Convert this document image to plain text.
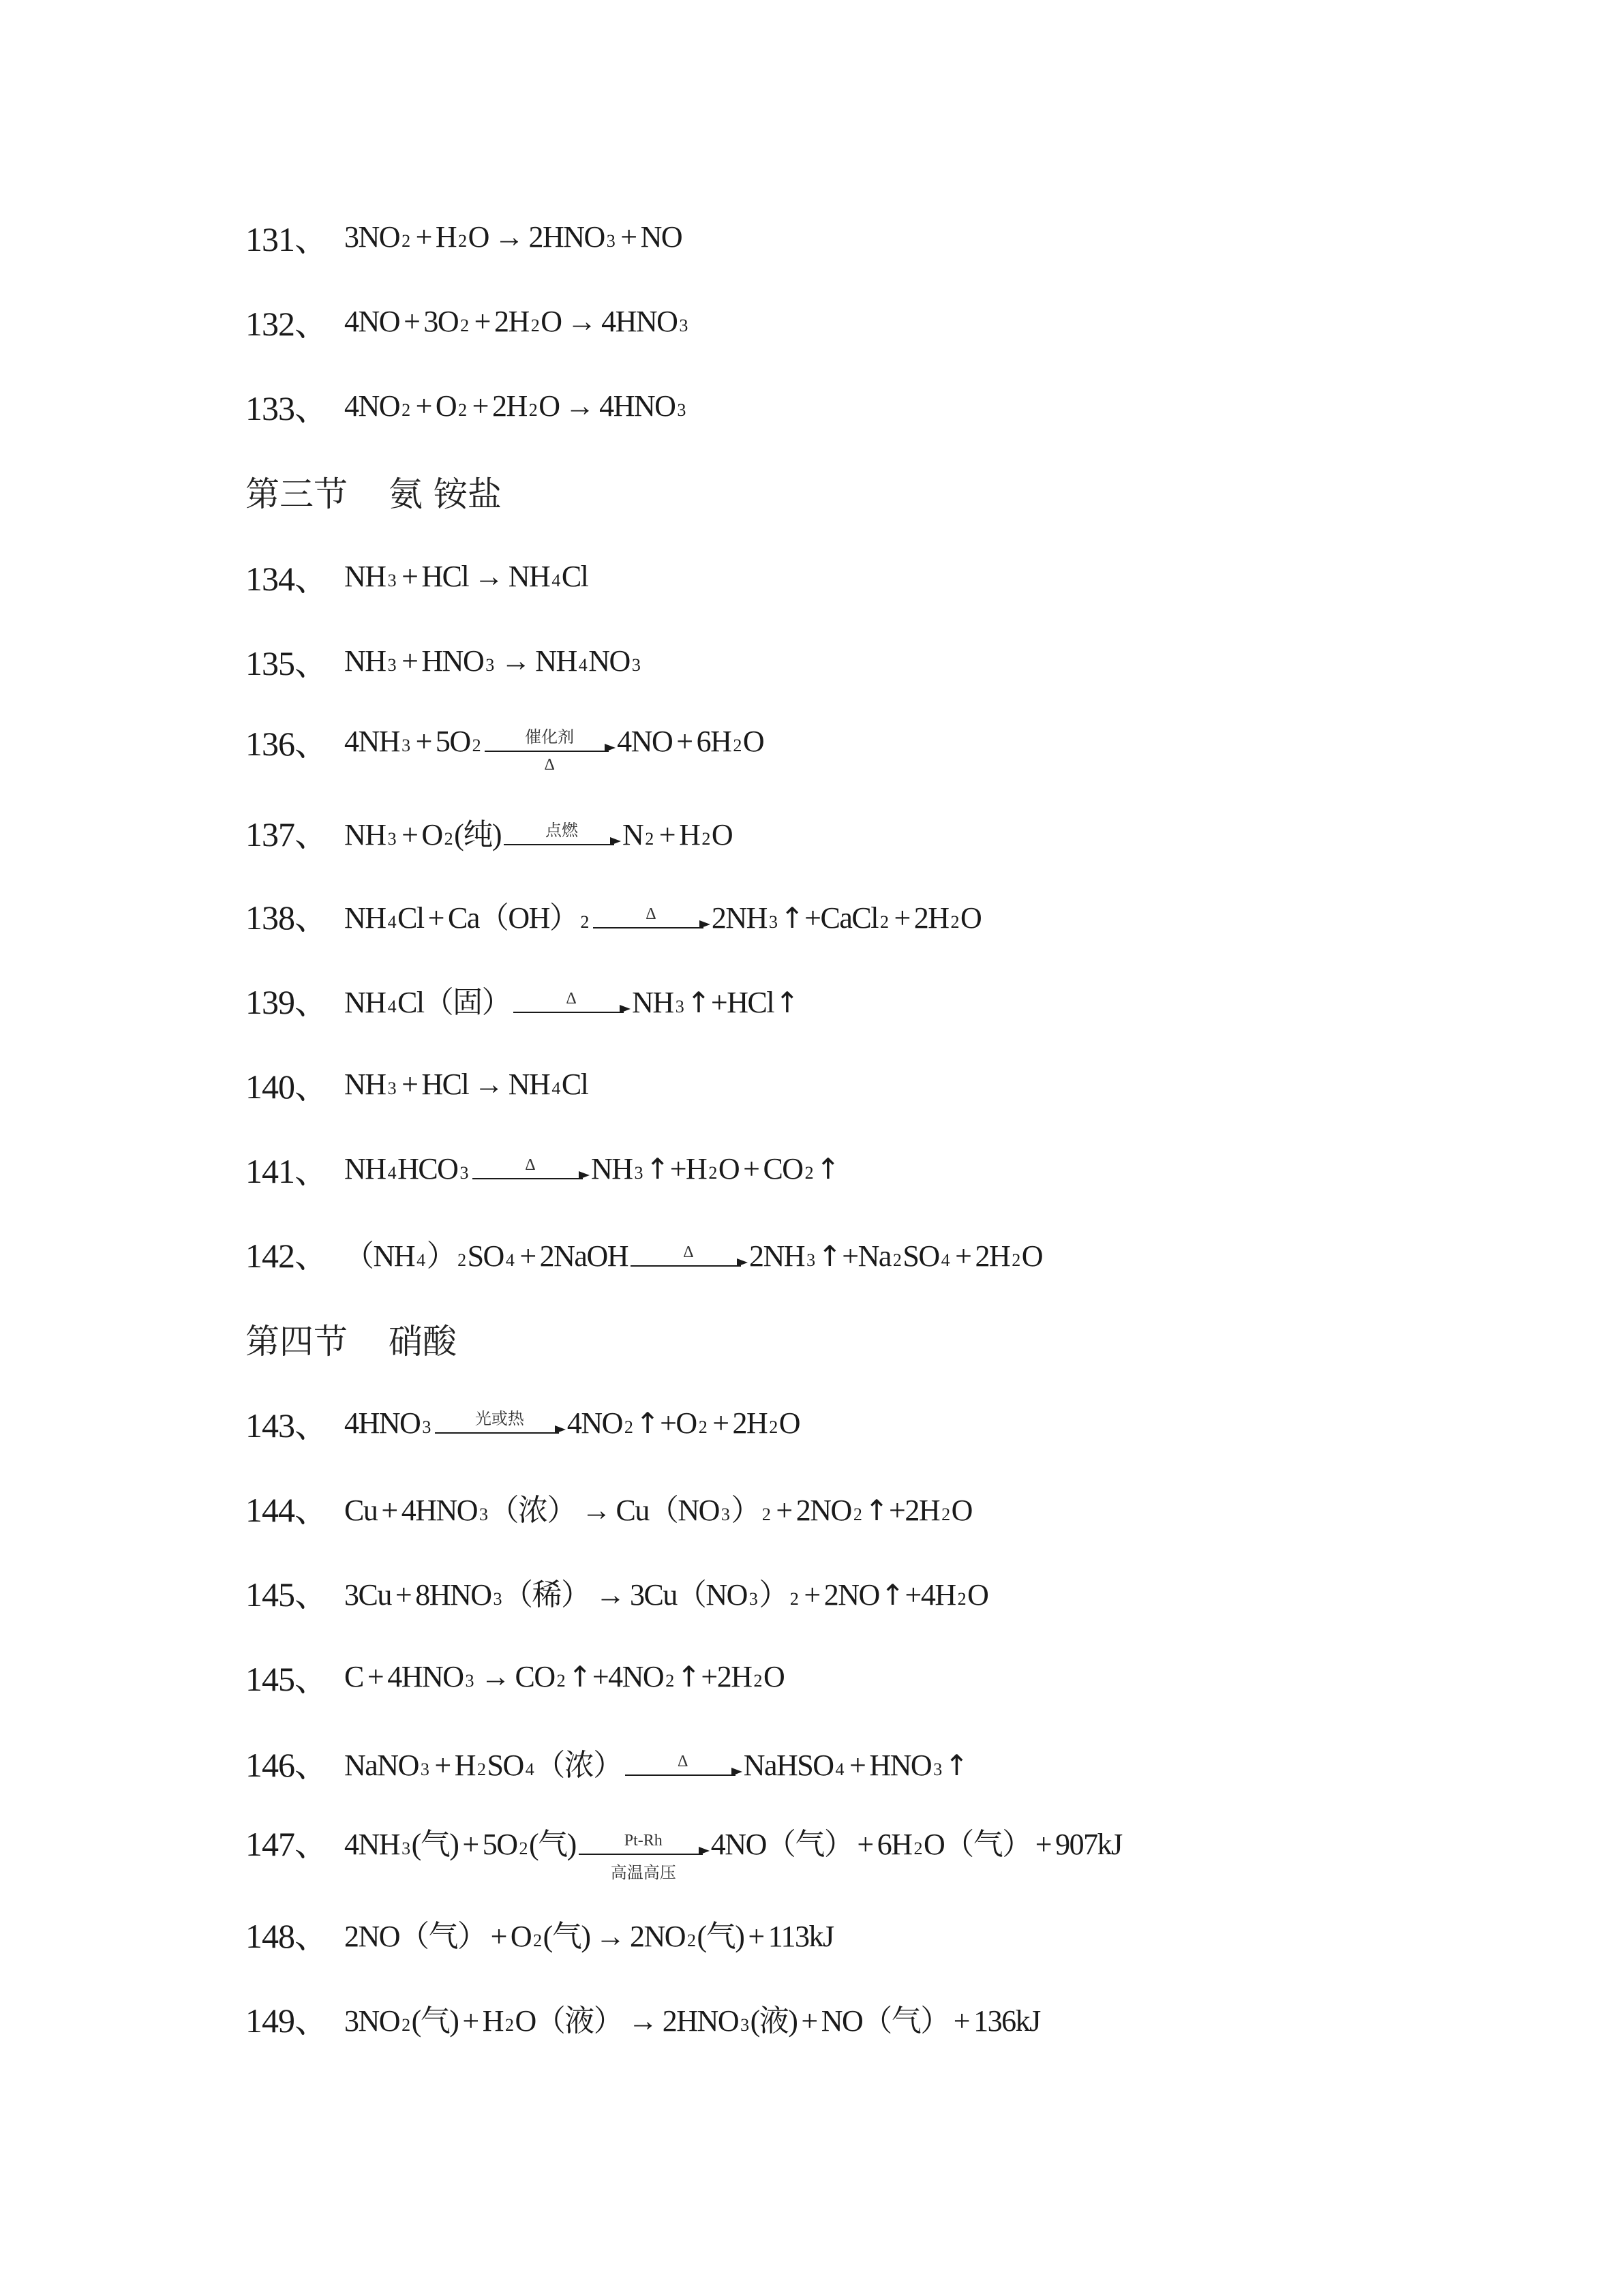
131、 3NO 2 + H 2 O → 2HNO 3 + NO
132、 4NO + 3O 2 + 2H 2 O → 4HNO 3
133、 4NO 2 + O 2 + 2H 2 O → 4HNO 3
第三节 氨 铵盐
134、 NH 3 + HCl → NH 4 Cl
135、 NH 3 + HNO 3 → NH 4 NO 3
136、 4NH 3 + 5O 2	催化剂
Δ
4NO + 6H 2 O
137、 NH 3 + O 2 (纯)	点燃	N 2 + H 2 O
138、 NH 4 Cl + Ca（OH） 2	Δ	2NH 3 ↑ +CaCl 2 + 2H 2 O
139、 NH 4 Cl（固）	Δ	NH 3 ↑ +HCl ↑
140、 NH 3 + HCl → NH 4 Cl
141、 NH 4 HCO 3	Δ	NH 3 ↑ +H 2 O + CO 2 ↑
142、 （NH 4 ） 2 SO 4 + 2NaOH	Δ	2NH 3 ↑ +Na 2 SO 4 + 2H 2 O
第四节 硝酸
143、 4HNO 3	光或热	4NO 2 ↑ +O 2 + 2H 2 O
144、 Cu + 4HNO 3 （浓） → Cu（NO 3 ） 2 + 2NO 2 ↑ +2H 2 O
145、 3Cu + 8HNO 3 （稀） → 3Cu（NO 3 ） 2 + 2NO ↑ +4H 2 O
145、 C + 4HNO 3 → CO 2 ↑ +4NO 2 ↑ +2H 2 O
146、 NaNO 3 + H 2 SO 4 （浓）	Δ	NaHSO 4 + HNO 3 ↑
147、 4NH 3 (气) + 5O 2 (气)	Pt-Rh
高温高压
4NO（气） + 6H 2 O（气） + 907kJ
148、 2NO（气） + O 2 (气) → 2NO 2 (气) + 113kJ
149、 3NO 2 (气) + H 2 O（液） → 2HNO 3 (液) + NO（气） + 136kJ
